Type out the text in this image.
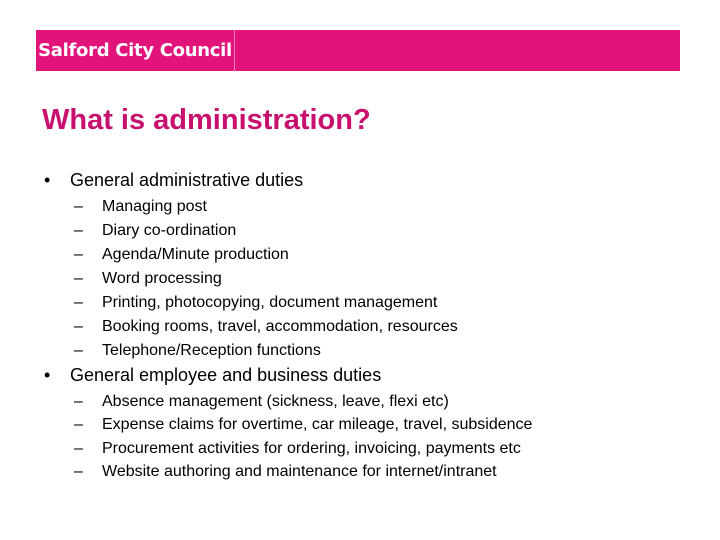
Salford City Council
What is administration?
•	General administrative duties
– Managing post
– Diary co-ordination
– Agenda/Minute production
– Word processing
– Printing, photocopying, document management
– Booking rooms, travel, accommodation, resources
– Telephone/Reception functions
•	General employee and business duties
– Absence management (sickness, leave, flexi etc)
– Expense claims for overtime, car mileage, travel, subsidence
– Procurement activities for ordering, invoicing, payments etc
– Website authoring and maintenance for internet/intranet
